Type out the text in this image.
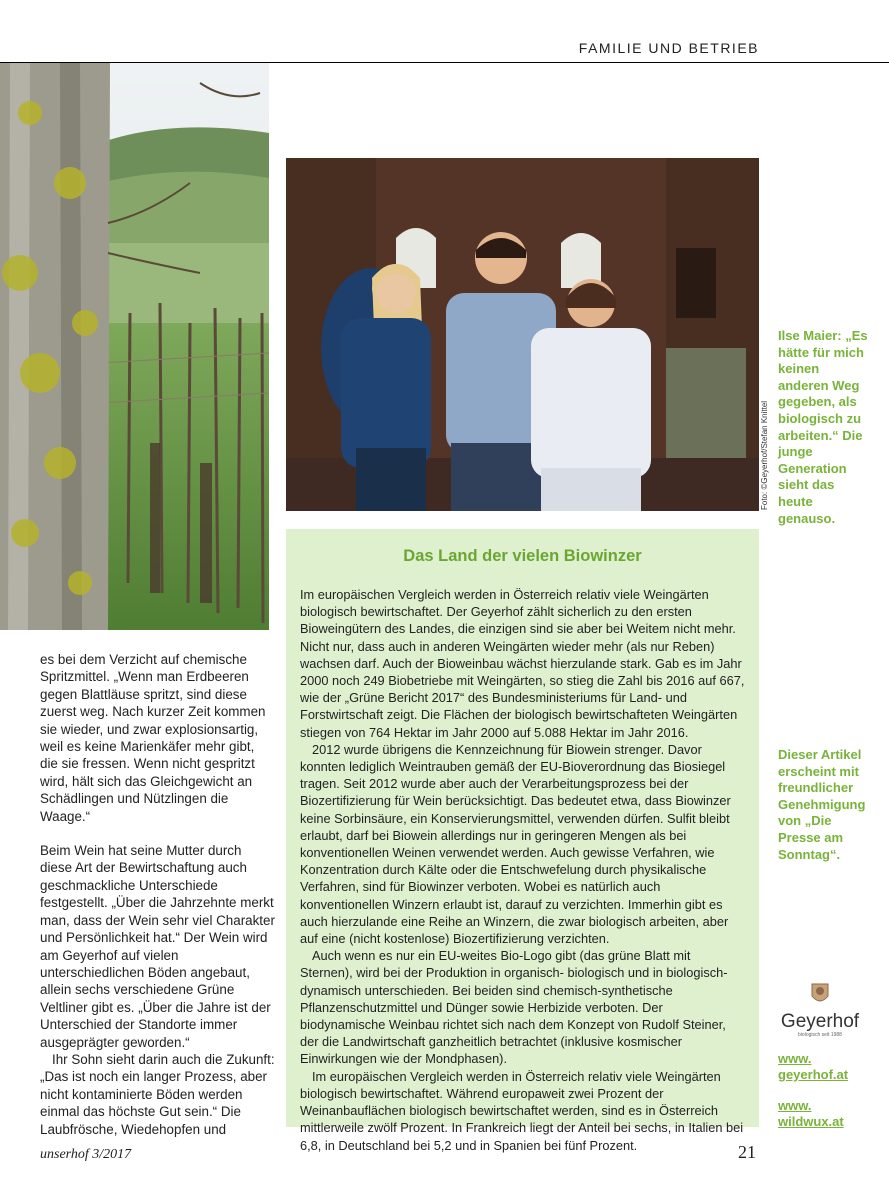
FAMILIE UND BETRIEB
Foto: ©Geyerhof/Stefan Knittel
Ilse Maier: „Es hätte für mich keinen anderen Weg gegeben, als biologisch zu arbeiten.“ Die junge Generation sieht das heute genauso.
Dieser Artikel erscheint mit freundlicher Genehmigung von „Die Presse am Sonntag“.
Geyerhof
biologisch seit 1988
www.
geyerhof.at
www.
wildwux.at

es bei dem Verzicht auf chemische Spritzmittel. „Wenn man Erdbeeren gegen Blattläuse spritzt, sind diese zuerst weg. Nach kurzer Zeit kommen sie wieder, und zwar explosionsartig, weil es keine Marienkäfer mehr gibt, die sie fressen. Wenn nicht gespritzt wird, hält sich das Gleichgewicht an Schädlingen und Nützlingen die Waage.“

Beim Wein hat seine Mutter durch diese Art der Bewirtschaftung auch geschmackliche Unterschiede festgestellt. „Über die Jahrzehnte merkt man, dass der Wein sehr viel Charakter und Persönlichkeit hat.“ Der Wein wird am Geyerhof auf vielen unterschiedlichen Böden angebaut, allein sechs verschiedene Grüne Veltliner gibt es. „Über die Jahre ist der Unterschied der Standorte immer ausgeprägter geworden.“

Ihr Sohn sieht darin auch die Zukunft: „Das ist noch ein langer Prozess, aber nicht kontaminierte Böden werden einmal das höchste Gut sein.“ Die Laubfrösche, Wiedehopfen und

Das Land der vielen Biowinzer

Im europäischen Vergleich werden in Österreich relativ viele Weingärten biologisch bewirtschaftet. Der Geyerhof zählt sicherlich zu den ersten Bioweingütern des Landes, die einzigen sind sie aber bei Weitem nicht mehr. Nicht nur, dass auch in anderen Weingärten wieder mehr (als nur Reben) wachsen darf. Auch der Bioweinbau wächst hierzulande stark. Gab es im Jahr 2000 noch 249 Biobetriebe mit Weingärten, so stieg die Zahl bis 2016 auf 667, wie der „Grüne Bericht 2017“ des Bundesministeriums für Land- und Forstwirtschaft zeigt. Die Flächen der biologisch bewirtschafteten Weingärten stiegen von 764 Hektar im Jahr 2000 auf 5.088 Hektar im Jahr 2016.

2012 wurde übrigens die Kennzeichnung für Biowein strenger. Davor konnten lediglich Weintrauben gemäß der EU-Bioverordnung das Biosiegel tragen. Seit 2012 wurde aber auch der Verarbeitungsprozess bei der Biozertifizierung für Wein berücksichtigt. Das bedeutet etwa, dass Biowinzer keine Sorbinsäure, ein Konservierungsmittel, verwenden dürfen. Sulfit bleibt erlaubt, darf bei Biowein allerdings nur in geringeren Mengen als bei konventionellen Weinen verwendet werden. Auch gewisse Verfahren, wie Konzentration durch Kälte oder die Entschwefelung durch physikalische Verfahren, sind für Biowinzer verboten. Wobei es natürlich auch konventionellen Winzern erlaubt ist, darauf zu verzichten. Immerhin gibt es auch hierzulande eine Reihe an Winzern, die zwar biologisch arbeiten, aber auf eine (nicht kostenlose) Biozertifizierung verzichten.

Auch wenn es nur ein EU-weites Bio-Logo gibt (das grüne Blatt mit Sternen), wird bei der Produktion in organisch- biologisch und in biologisch-dynamisch unterschieden. Bei beiden sind chemisch-synthetische Pflanzenschutzmittel und Dünger sowie Herbizide verboten. Der biodynamische Weinbau richtet sich nach dem Konzept von Rudolf Steiner, der die Landwirtschaft ganzheitlich betrachtet (inklusive kosmischer Einwirkungen wie der Mondphasen).

Im europäischen Vergleich werden in Österreich relativ viele Weingärten biologisch bewirtschaftet. Während europaweit zwei Prozent der Weinanbauflächen biologisch bewirtschaftet werden, sind es in Österreich mittlerweile zwölf Prozent. In Frankreich liegt der Anteil bei sechs, in Italien bei 6,8, in Deutschland bei 5,2 und in Spanien bei fünf Prozent.

unserhof 3/2017	21
